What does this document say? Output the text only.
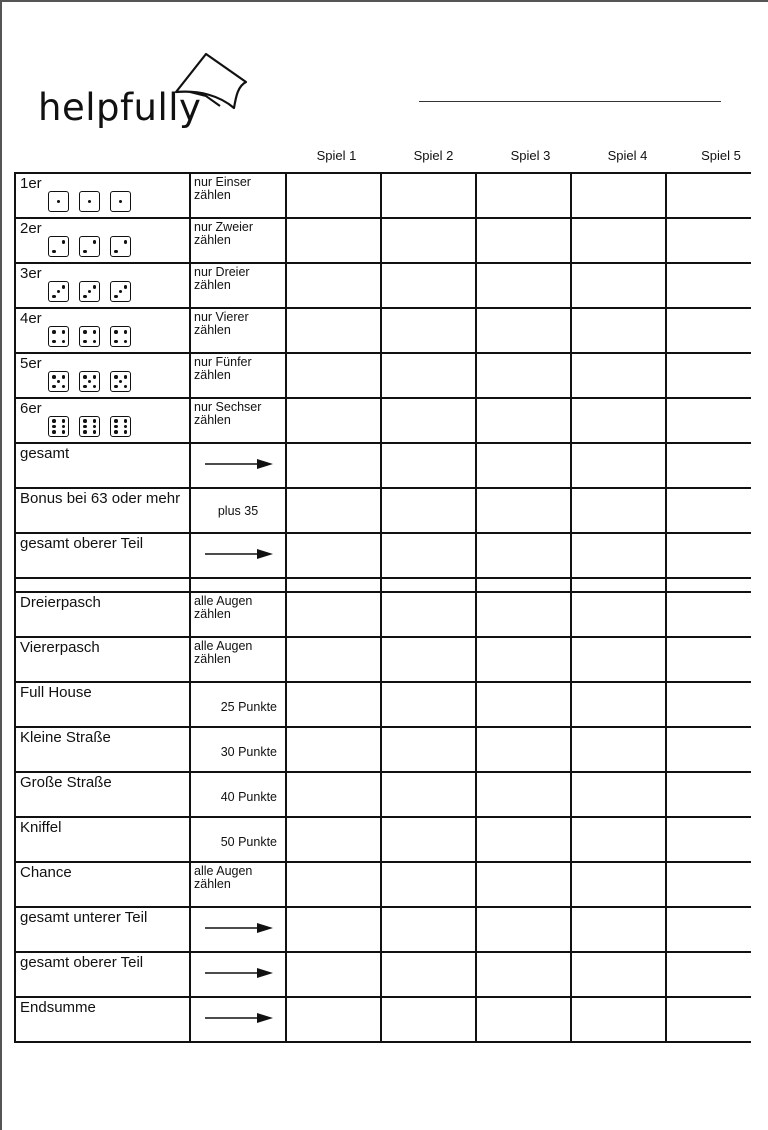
helpfully
Spiel 1	Spiel 2	Spiel 3	Spiel 4	Spiel 5
1er	nur Einser zählen					

2er	nur Zweier zählen					

3er	nur Dreier zählen					

4er	nur Vierer zählen					

5er	nur Fünfer zählen					

6er	nur Sechser zählen					

gesamt

Bonus bei 63 oder mehr	plus 35					

gesamt oberer Teil

Dreierpasch	alle Augen zählen					

Viererpasch	alle Augen zählen					

Full House	25 Punkte					

Kleine Straße	30 Punkte					

Große Straße	40 Punkte					

Kniffel	50 Punkte					

Chance	alle Augen zählen					

gesamt unterer Teil

gesamt oberer Teil

Endsumme
